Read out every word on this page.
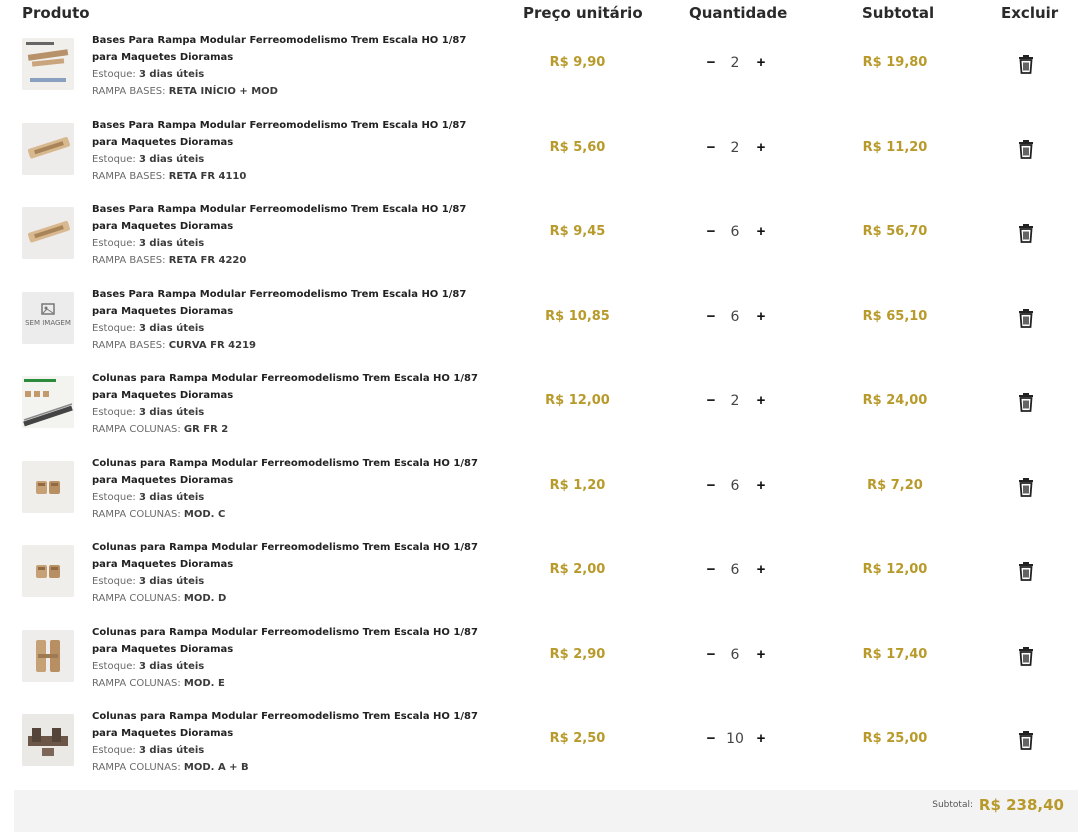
Produto	Preço unitário	Quantidade	Subtotal	Excluir
Bases Para Rampa Modular Ferreomodelismo Trem Escala HO 1/87 para Maquetes Dioramas
Estoque: 3 dias úteis
RAMPA BASES: RETA INÍCIO + MOD
R$ 9,90	−	2	+	R$ 19,80
Bases Para Rampa Modular Ferreomodelismo Trem Escala HO 1/87 para Maquetes Dioramas
Estoque: 3 dias úteis
RAMPA BASES: RETA FR 4110
R$ 5,60	−	2	+	R$ 11,20
Bases Para Rampa Modular Ferreomodelismo Trem Escala HO 1/87 para Maquetes Dioramas
Estoque: 3 dias úteis
RAMPA BASES: RETA FR 4220
R$ 9,45	−	6	+	R$ 56,70
SEM IMAGEM
Bases Para Rampa Modular Ferreomodelismo Trem Escala HO 1/87 para Maquetes Dioramas
Estoque: 3 dias úteis
RAMPA BASES: CURVA FR 4219
R$ 10,85	−	6	+	R$ 65,10
Colunas para Rampa Modular Ferreomodelismo Trem Escala HO 1/87 para Maquetes Dioramas
Estoque: 3 dias úteis
RAMPA COLUNAS: GR FR 2
R$ 12,00	−	2	+	R$ 24,00
Colunas para Rampa Modular Ferreomodelismo Trem Escala HO 1/87 para Maquetes Dioramas
Estoque: 3 dias úteis
RAMPA COLUNAS: MOD. C
R$ 1,20	−	6	+	R$ 7,20
Colunas para Rampa Modular Ferreomodelismo Trem Escala HO 1/87 para Maquetes Dioramas
Estoque: 3 dias úteis
RAMPA COLUNAS: MOD. D
R$ 2,00	−	6	+	R$ 12,00
Colunas para Rampa Modular Ferreomodelismo Trem Escala HO 1/87 para Maquetes Dioramas
Estoque: 3 dias úteis
RAMPA COLUNAS: MOD. E
R$ 2,90	−	6	+	R$ 17,40
Colunas para Rampa Modular Ferreomodelismo Trem Escala HO 1/87 para Maquetes Dioramas
Estoque: 3 dias úteis
RAMPA COLUNAS: MOD. A + B
R$ 2,50	− 10 +	R$ 25,00
Subtotal: R$ 238,40
